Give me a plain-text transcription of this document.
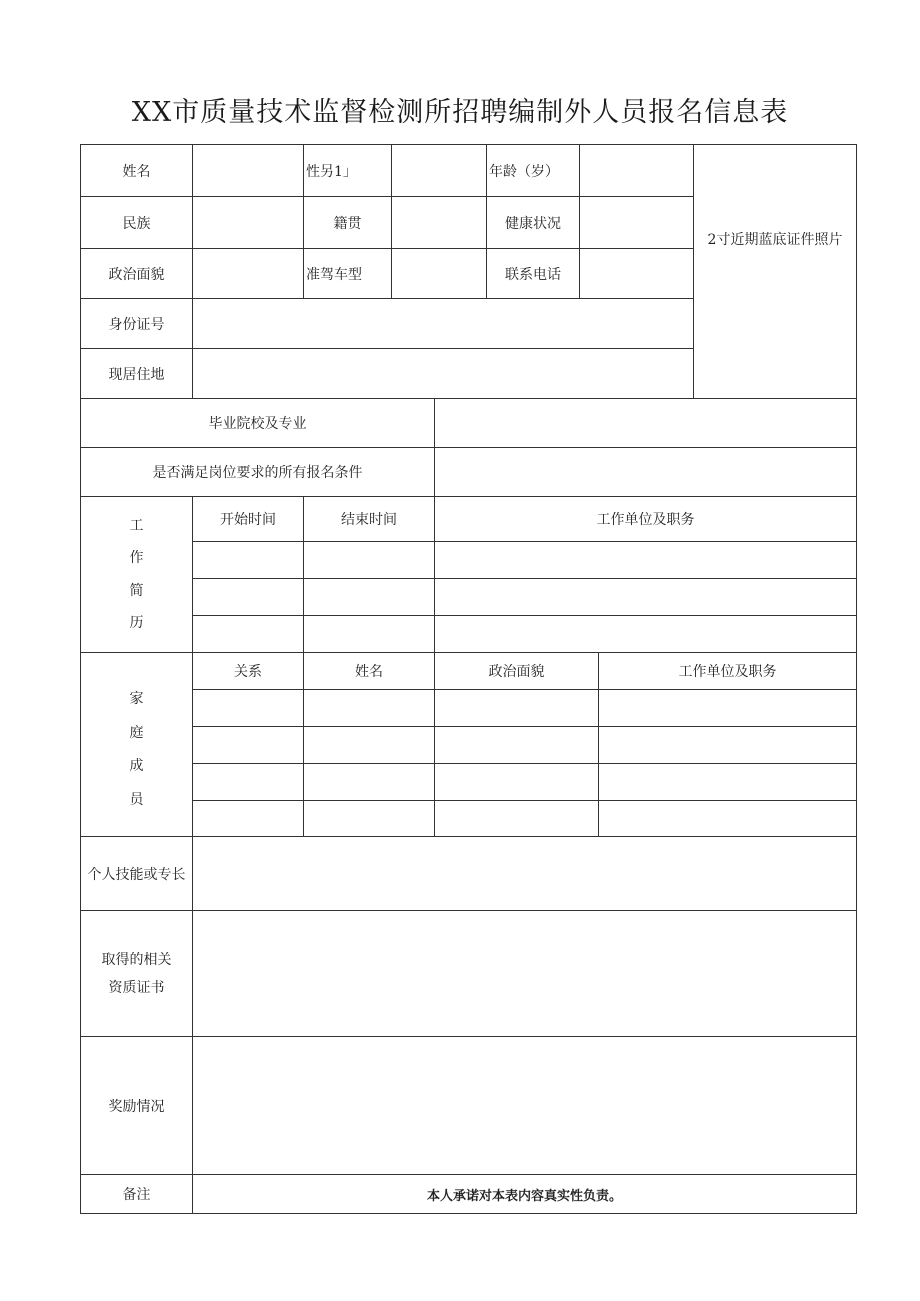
XX市质量技术监督检测所招聘编制外人员报名信息表
姓名	性另1」	年龄（岁）
2寸近期蓝底证件照片
民族	籍贯	健康状况
政治面貌	准驾车型	联系电话
身份证号
现居住地
毕业院校及专业
是否满足岗位要求的所有报名条件
工
作
简
历
开始时间	结束时间	工作单位及职务
家
庭
成
员
关系	姓名	政治面貌	工作单位及职务
个人技能或专长
取得的相关
资质证书
奖励情况
备注	本人承诺对本表内容真实性负责。
